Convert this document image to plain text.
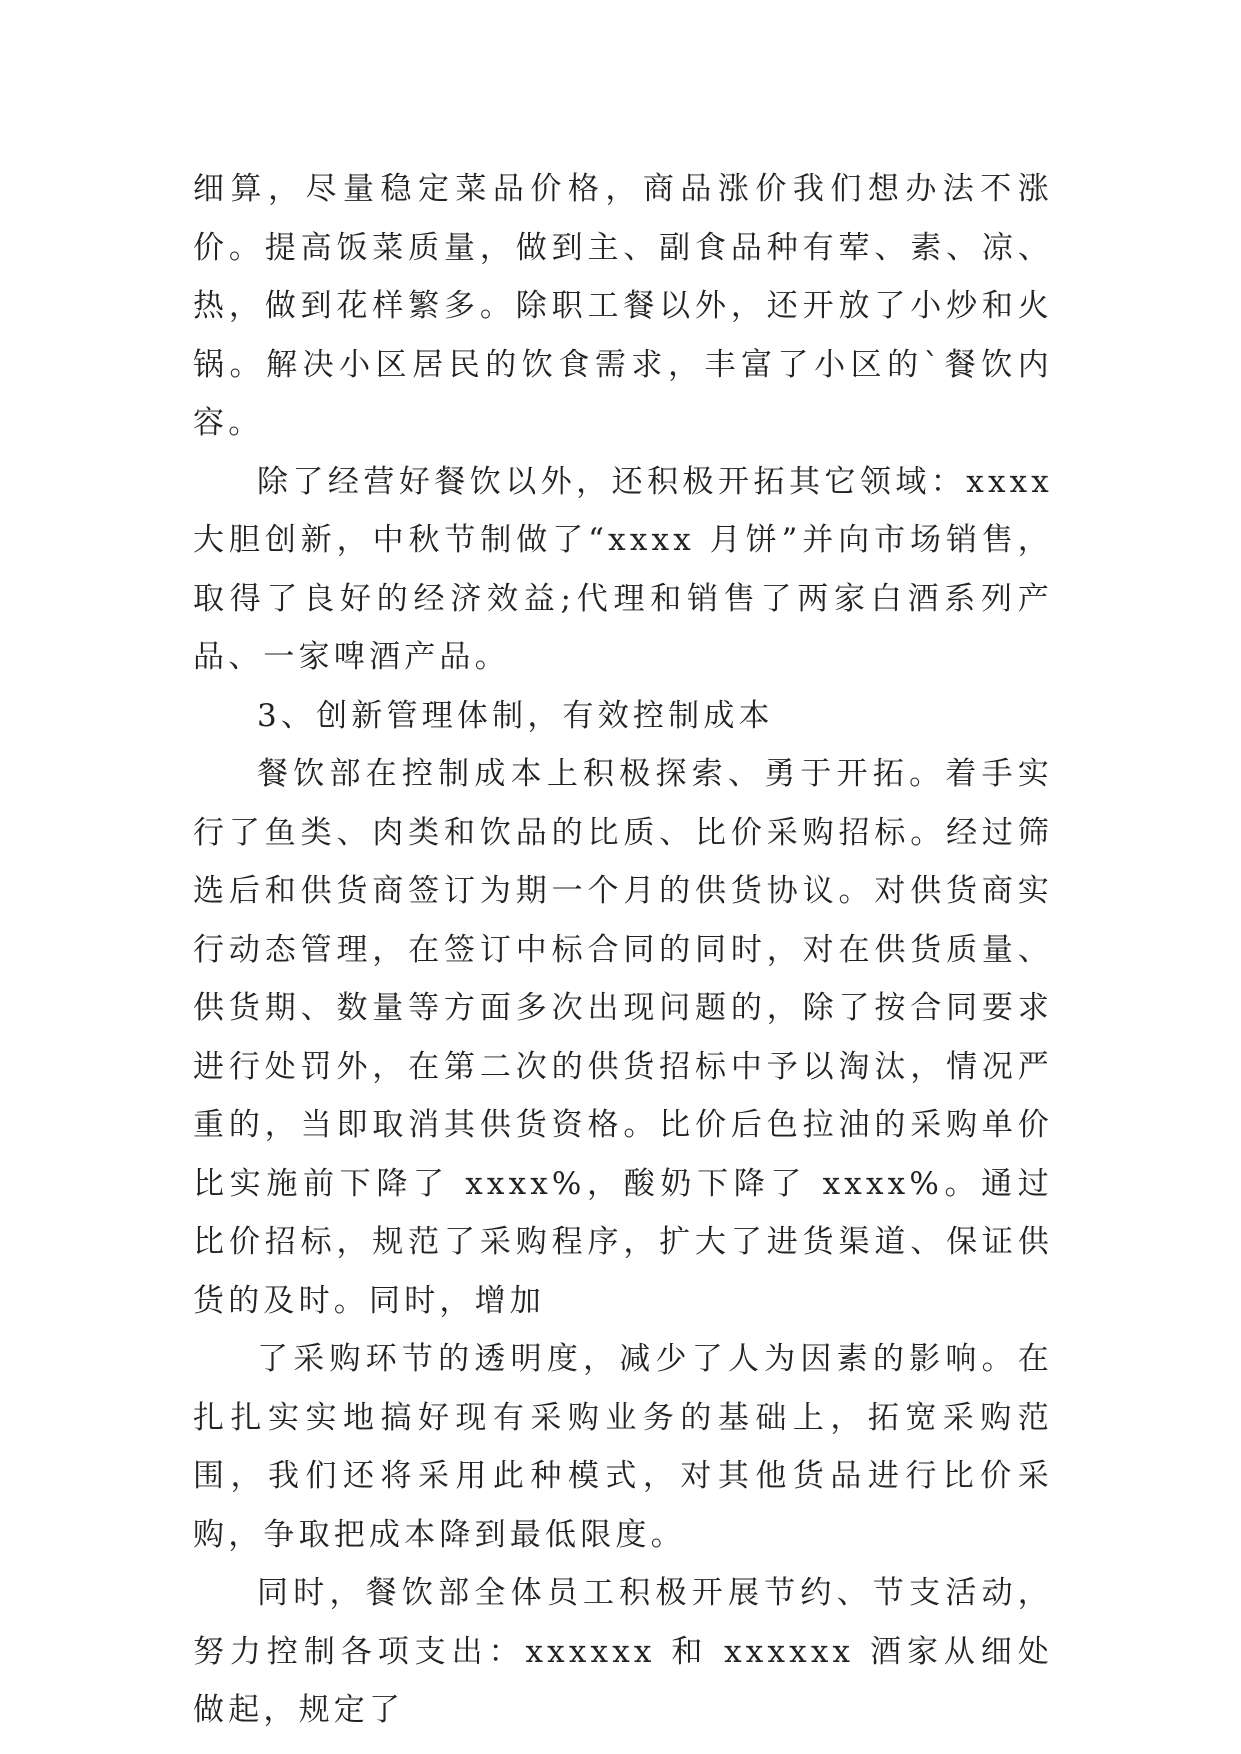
细算，尽量稳定菜品价格，商品涨价我们想办法不涨价。提高饭菜质量，做到主、副食品种有荤、素、凉、热，做到花样繁多。除职工餐以外，还开放了小炒和火锅。解决小区居民的饮食需求，丰富了小区的`餐饮内容。

除了经营好餐饮以外，还积极开拓其它领域：xxxx 大胆创新，中秋节制做了“xxxx 月饼”并向市场销售，取得了良好的经济效益;代理和销售了两家白酒系列产品、一家啤酒产品。

3、创新管理体制，有效控制成本

餐饮部在控制成本上积极探索、勇于开拓。着手实行了鱼类、肉类和饮品的比质、比价采购招标。经过筛选后和供货商签订为期一个月的供货协议。对供货商实行动态管理，在签订中标合同的同时，对在供货质量、供货期、数量等方面多次出现问题的，除了按合同要求进行处罚外，在第二次的供货招标中予以淘汰，情况严重的，当即取消其供货资格。比价后色拉油的采购单价比实施前下降了 xxxx%，酸奶下降了 xxxx%。通过比价招标，规范了采购程序，扩大了进货渠道、保证供货的及时。同时，增加

了采购环节的透明度，减少了人为因素的影响。在扎扎实实地搞好现有采购业务的基础上，拓宽采购范围，我们还将采用此种模式，对其他货品进行比价采购，争取把成本降到最低限度。

同时，餐饮部全体员工积极开展节约、节支活动，努力控制各项支出：xxxxxx 和 xxxxxx 酒家从细处做起，规定了
